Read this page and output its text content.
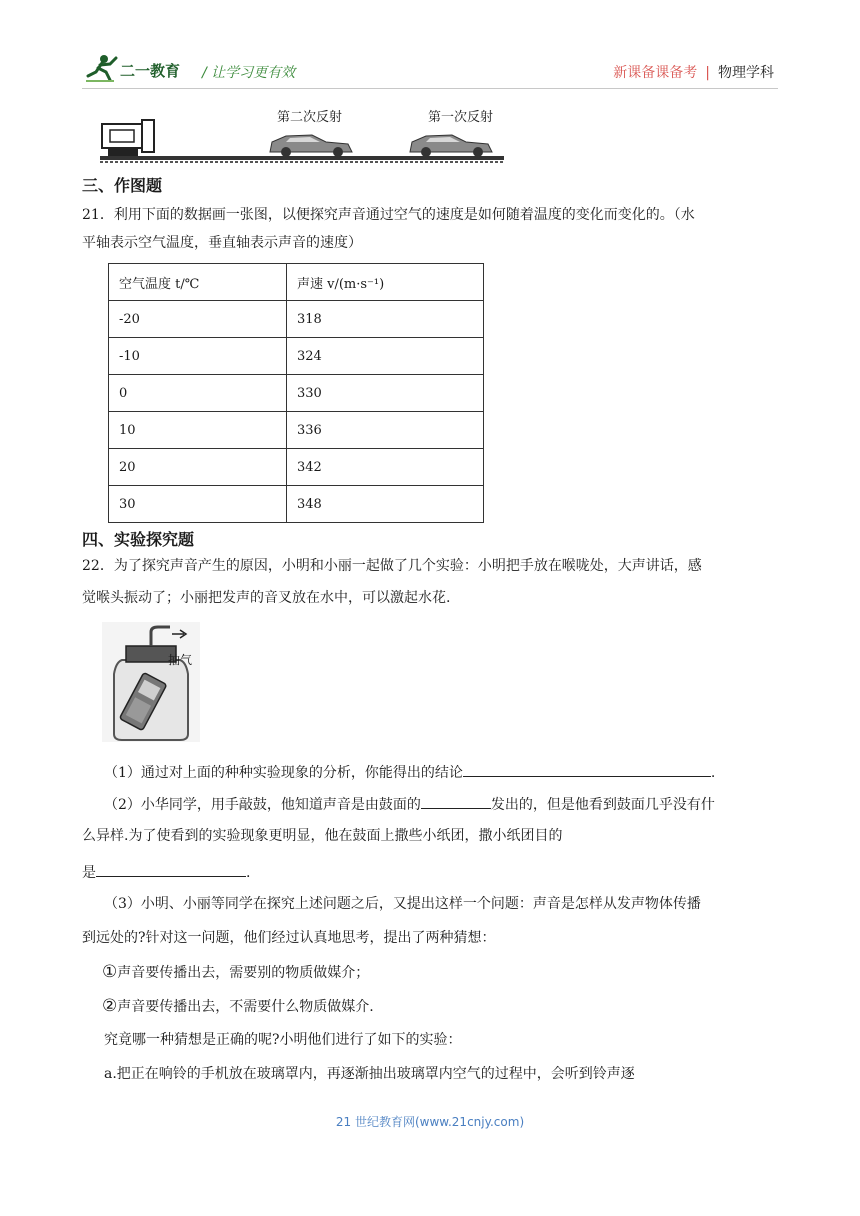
二一教育 / 让学习更有效	新课备课备考 | 物理学科
第二次反射	第一次反射
三、作图题
21．利用下面的数据画一张图，以便探究声音通过空气的速度是如何随着温度的变化而变化的。（水
平轴表示空气温度，垂直轴表示声音的速度）
空气温度 t/℃	声速 v/(m·s⁻¹)
-20	318
-10	324
0	330
10	336
20	342
30	348
四、实验探究题
22．为了探究声音产生的原因，小明和小丽一起做了几个实验：小明把手放在喉咙处，大声讲话，感
觉喉头振动了；小丽把发声的音叉放在水中，可以激起水花.
抽气
（1）通过对上面的种种实验现象的分析，你能得出的结论	.
（2）小华同学，用手敲鼓，他知道声音是由鼓面的	发出的，但是他看到鼓面几乎没有什
么异样.为了使看到的实验现象更明显，他在鼓面上撒些小纸团，撒小纸团目的
是	.
（3）小明、小丽等同学在探究上述问题之后，又提出这样一个问题：声音是怎样从发声物体传播
到远处的?针对这一问题，他们经过认真地思考，提出了两种猜想：
①声音要传播出去，需要别的物质做媒介；
②声音要传播出去，不需要什么物质做媒介.
究竟哪一种猜想是正确的呢?小明他们进行了如下的实验：
a.把正在响铃的手机放在玻璃罩内，再逐渐抽出玻璃罩内空气的过程中，会听到铃声逐
21 世纪教育网(www.21cnjy.com)
